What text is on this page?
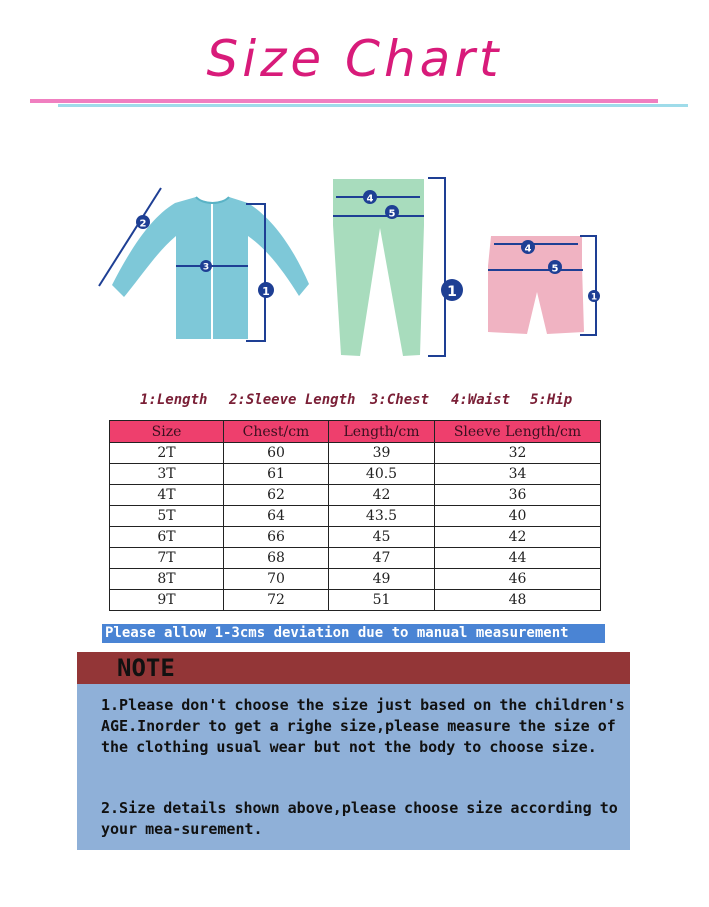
Size Chart
2
3
1
4
5
1
4
5
1
1:Length 2:Sleeve Length 3:Chest 4:Waist 5:Hip
Size	Chest/cm	Length/cm	Sleeve Length/cm
2T	60	39	32
3T	61	40.5	34
4T	62	42	36
5T	64	43.5	40
6T	66	45	42
7T	68	47	44
8T	70	49	46
9T	72	51	48
Please allow 1-3cms deviation due to manual measurement
NOTE

1.Please don't choose the size just based on the children's AGE.Inorder to get a righe size,please measure the size of the clothing usual wear but not the body to choose size.

2.Size details shown above,please choose size according to your mea-surement.
